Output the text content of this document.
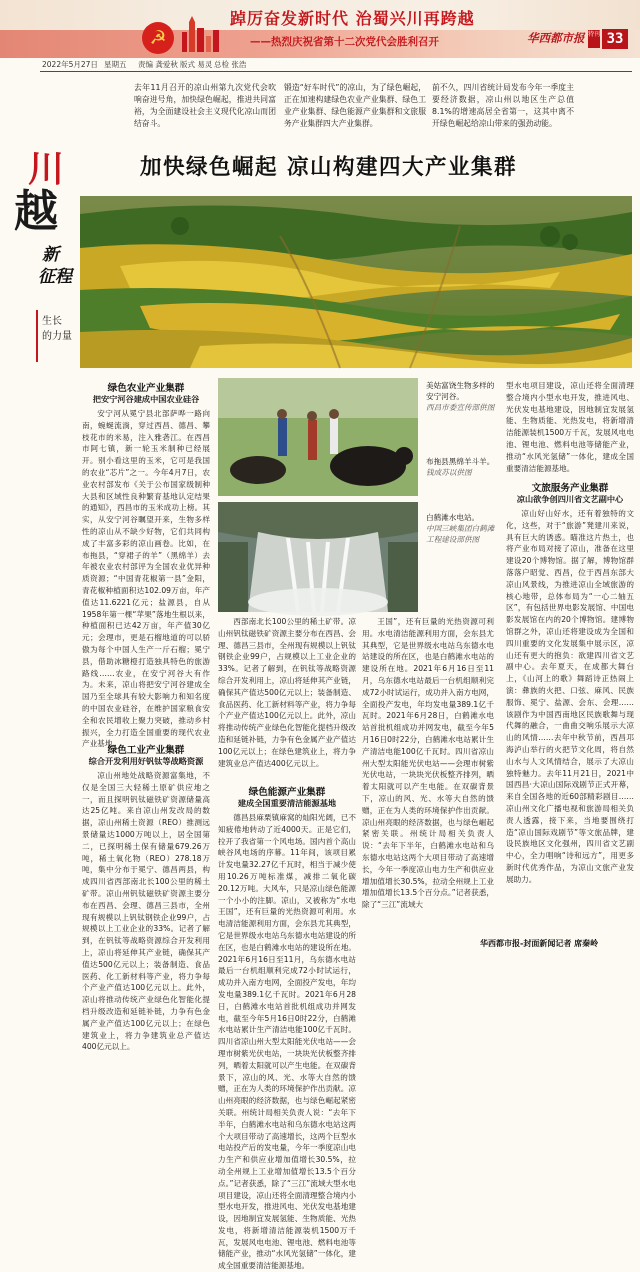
☭
踔厉奋发新时代 治蜀兴川再跨越
——热烈庆祝省第十二次党代会胜利召开	华西都市报 特刊 33
2022年5月27日 星期五 责编 龚爱秋 版式 易灵 总检 张浩
去年11月召开的凉山州第九次党代会吹响奋进号角，加快绿色崛起，推进共同富裕，为全面建设社会主义现代化凉山而团结奋斗。
锻造“好车时代”的凉山，为了绿色崛起，正在加速构建绿色农业产业集群、绿色工业产业集群、绿色能源产业集群和文旅服务产业集群四大产业集群。
前不久，四川省统计局发布今年一季度主要经济数据，凉山州以地区生产总值8.1%的增速高居全省第一，这其中离不开绿色崛起给凉山带来的强劲动能。
川
越
新
征程
生长
的力量
加快绿色崛起 凉山构建四大产业集群
绿色农业产业集群
把安宁河谷建成中国农业硅谷
安宁河从冕宁县北部萨哗一路向南，蜿蜒流淌，穿过西昌、德昌、攀枝花市的米易，注入雅砻江。在西昌市阿七镇，新一轮玉米制种已经展开。别小看这里的玉米，它可是我国的农业“芯片”之一。今年4月7日，农业农村部发布《关于公布国家级制种大县和区域性良种繁育基地认定结果的通知》，西昌市的玉米成功上榜。其实，从安宁河谷瞩望开来，生物多样性的凉山从不缺少好物，它们共同构成了丰富多彩的凉山画卷。比如，在布拖县，“穿裙子的羊”（黑绵羊）去年被农业农村部评为全国农业优异种质资源；“中国青花椒第一县”金阳，青花椒种植面积达102.09万亩，年产值达11.6221亿元；盐源县，自从1958年第一棵“苹果”落地生根以来，种植面积已达42万亩，年产值30亿元；会理市，更是石榴地道的可以骄傲为每个中国人生产一斤石榴；冕宁县，借助冰糖橙打造独具特色的旅游路线……农业，在安宁河谷大有作为。未来，凉山将把安宁河谷建成全国乃至全球具有较大影响力和知名度的中国农业硅谷，在维护国家粮食安全和农民增收上聚力突破，推动乡村振兴，全力打造全国重要的现代农业产业基地。
绿色工业产业集群
综合开发利用好钒钛等战略资源
凉山州地处战略资源富集地，不仅是全国三大轻稀土原矿供应地之一，而且探明钒钛磁铁矿资源储量高达25亿吨。来自凉山州发改局的数据，凉山州稀土资源（REO）推测远景储量达1000万吨以上，居全国第二，已探明稀土保有储量679.26万吨，稀土氧化物（REO）278.18万吨，集中分布于冕宁、德昌两县，构成四川省西部南北长100公里的稀土矿带。凉山州钒钛磁铁矿资源主要分布在西昌、会理、德昌三县市，全州现有规模以上钒钛钢铁企业99户，占规模以上工业企业的33%。记者了解到，在钒钛等战略资源综合开发利用上，凉山将延伸其产业链，确保其产值达500亿元以上；装备制造、食品医药、化工新材料等产业，将力争每个产业产值达100亿元以上。此外，凉山将推动传统产业绿色化智能化提档升级改造和延链补链，力争有色金属产业产值达100亿元以上；在绿色建筑业上，将力争建筑业总产值达400亿元以上。
美姑富饶生物多样的安宁河谷。
西昌市委宣传部供图
布拖县黑绵羊斗羊。
钱成苏以供图
白鹤滩水电站。
中国三峡集团白鹤滩工程建设部供图
西部南北长100公里的稀土矿带。凉山州钒钛磁铁矿资源主要分布在西昌、会理、德昌三县市，全州现有规模以上钒钛钢铁企业99户，占规模以上工业企业的33%。记者了解到，在钒钛等战略资源综合开发利用上，凉山将延伸其产业链，确保其产值达500亿元以上；装备制造、食品医药、化工新材料等产业，将力争每个产业产值达100亿元以上。此外，凉山将推动传统产业绿色化智能化提档升级改造和延链补链，力争有色金属产业产值达100亿元以上；在绿色建筑业上，将力争建筑业总产值达400亿元以上。
绿色能源产业集群
建成全国重要清洁能源基地
德昌县麻栗镇麻窝的灿阳光阔，已不知疲倦地转动了近4000天。正是它们，拉开了我省第一个风电场。国内首个高山峡谷风电场的序幕。11年间，该项目累计发电量32.27亿千瓦时，相当于减少使用10.26万吨标准煤，减排二氧化碳20.12万吨。大风车，只是凉山绿色能源一个小小的注脚。凉山，又被称为“水电王国”，还有巨量的光热资源可利用。水电清洁能源利用方面，会东县尤其典型，它是世界级水电站乌东德水电站建设的所在区，也是白鹤滩水电站的建设所在地。2021年6月16日至11月，乌东德水电站最后一台机组顺利完成72小时试运行，成功并入南方电网，全面投产发电，年均发电量389.1亿千瓦时。2021年6月28日，白鹤滩水电站首批机组成功并网发电，截至今年5月16日0时22分，白鹤滩水电站累计生产清洁电能100亿千瓦时。四川省凉山州大型太阳能光伏电站——会理市树紫光伏电站，一块块光伏板整齐排列，晒着太阳就可以产生电能。在双碳背景下，凉山的风、光、水等大自然的馈赠，正在为人类的环境保护作出贡献。凉山州亮眼的经济数据，也与绿色崛起紧密关联。州统计局相关负责人说：“去年下半年，白鹤滩水电站和乌东德水电站这两个大项目带动了高速增长，这两个巨型水电站投产后的发电量，今年一季度凉山电力生产和供应业增加值增长30.5%，拉动全州规上工业增加值增长13.5个百分点。”记者获悉，除了“三江”流域大型水电项目建设，凉山还将全面清理整合境内小型水电开发，推进风电、光伏发电基地建设，因地制宜发展氢能、生物质能、光热发电，将新增清洁能源装机1500万千瓦，发展风电电池、锂电池、燃料电池等储能产业，推动“水风光氢储”一体化，建成全国重要清洁能源基地。
王国”，还有巨量的光热资源可利用。水电清洁能源利用方面，会东县尤其典型，它是世界级水电站乌东德水电站建设的所在区，也是白鹤滩水电站的建设所在地。2021年6月16日至11月，乌东德水电站最后一台机组顺利完成72小时试运行，成功并入南方电网，全面投产发电，年均发电量389.1亿千瓦时。2021年6月28日，白鹤滩水电站首批机组成功并网发电，截至今年5月16日0时22分，白鹤滩水电站累计生产清洁电能100亿千瓦时。四川省凉山州大型太阳能光伏电站——会理市树紫光伏电站，一块块光伏板整齐排列，晒着太阳就可以产生电能。在双碳背景下，凉山的风、光、水等大自然的馈赠，正在为人类的环境保护作出贡献。凉山州亮眼的经济数据，也与绿色崛起紧密关联。州统计局相关负责人说：“去年下半年，白鹤滩水电站和乌东德水电站这两个大项目带动了高速增长，今年一季度凉山电力生产和供应业增加值增长30.5%，拉动全州规上工业增加值增长13.5个百分点。”记者获悉，除了“三江”流域大
型水电项目建设，凉山还将全面清理整合境内小型水电开发，推进风电、光伏发电基地建设，因地制宜发展氢能、生物质能、光热发电，将新增清洁能源装机1500万千瓦，发展风电电池、锂电池、燃料电池等储能产业，推动“水风光氢储”一体化，建成全国重要清洁能源基地。
文旅服务产业集群
凉山欲争创四川省文艺副中心
凉山好山好水，还有着独特的文化，这些，对于“旅游”凳建川来说，具有巨大的诱惑。瞄准这片热土，也将产业布局对接了凉山，准备在这里建设20个博物馆。据了解，博物馆群落落户昭觉、西昌，位于西昌东部大凉山风景线，为推进凉山全域旅游的核心地带，总体布局为“一心二轴五区”，有包括世界电影发展馆、中国电影发展馆在内的20个博物馆。建博物馆群之外，凉山还将建设成为全国和四川重要的文化发展集中展示区，凉山还有更大的抱负：欲建四川省文艺副中心。去年夏天，在成都大舞台上，《山河上的歌》舞蹈诗正热闹上演：彝族的火把、口弦、麻风、民族服饰、冕宁、盐源、会东、会理……该剧作为中国西南地区民族歌舞与现代舞的融合，一曲曲交响乐展示大凉山的风情……去年中秋节前，西昌邛海泸山举行的火把节文化周，将自然山水与人文风情结合，展示了大凉山独特魅力。去年11月21日，2021中国西昌·大凉山国际戏剧节正式开幕，来自全国各地的近60部精彩剧目……凉山州文化广播电视和旅游局相关负责人透露，接下来，当地要围绕打造“凉山国际戏剧节”等文旅品牌，建设民族地区文化强州，四川省文艺副中心，全力唱响“诗和远方”，用更多新时代优秀作品，为凉山文旅产业发展助力。
华西都市报-封面新闻记者 席秦岭
